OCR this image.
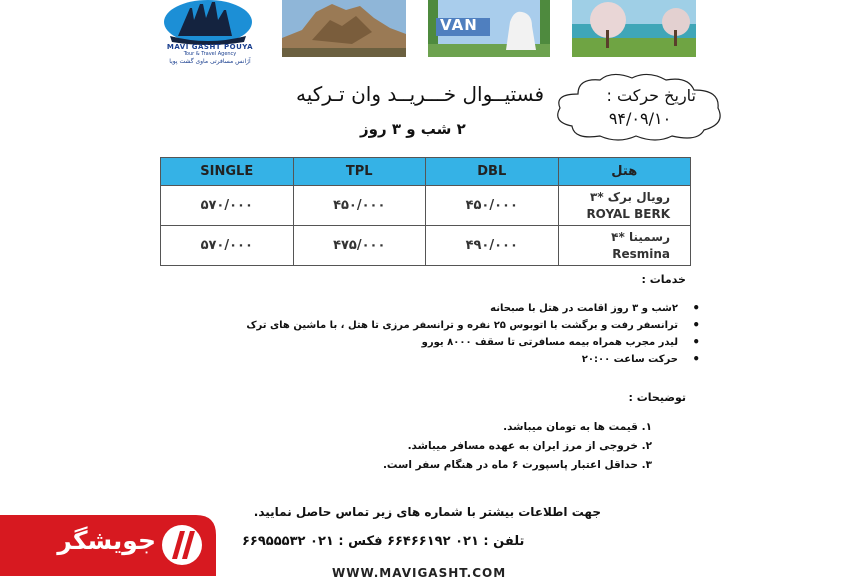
MAVI GASHT POUYA
Tour & Travel Agency
آژانس مسافرتی ماوی گشت پویا
VAN
فستیــوال خـــریــد وان تـرکیه
۲ شب و ۳ روز
تاریخ حرکت :
۹۴/۰۹/۱۰
SINGLE	TPL	DBL	هتل
۵۷۰/۰۰۰	۴۵۰/۰۰۰	۴۵۰/۰۰۰	رویال برک *۳
ROYAL BERK

۵۷۰/۰۰۰	۴۷۵/۰۰۰	۴۹۰/۰۰۰	رسمینا *۴
Resmina
خدمات :
• ۲شب و ۳ روز اقامت در هتل با صبحانه
• ترانسفر رفت و برگشت با اتوبوس ۲۵ نفره و ترانسفر مرزی تا هتل ، با ماشین های ترک
• لیدر مجرب همراه بیمه مسافرتی تا سقف ۸۰۰۰ یورو
• حرکت ساعت ۲۰:۰۰
توضیحات :
۱. قیمت ها به تومان میباشد.
۲. خروجی از مرز ایران به عهده مسافر میباشد.
۳. حداقل اعتبار پاسپورت ۶ ماه در هنگام سفر است.
جهت اطلاعات بیشتر با شماره های زیر تماس حاصل نمایید.
تلفن : ۰۲۱ ۶۶۴۶۶۱۹۲ فکس : ۰۲۱ ۶۶۹۵۵۵۳۲
WWW.MAVIGASHT.COM
جویشگر
